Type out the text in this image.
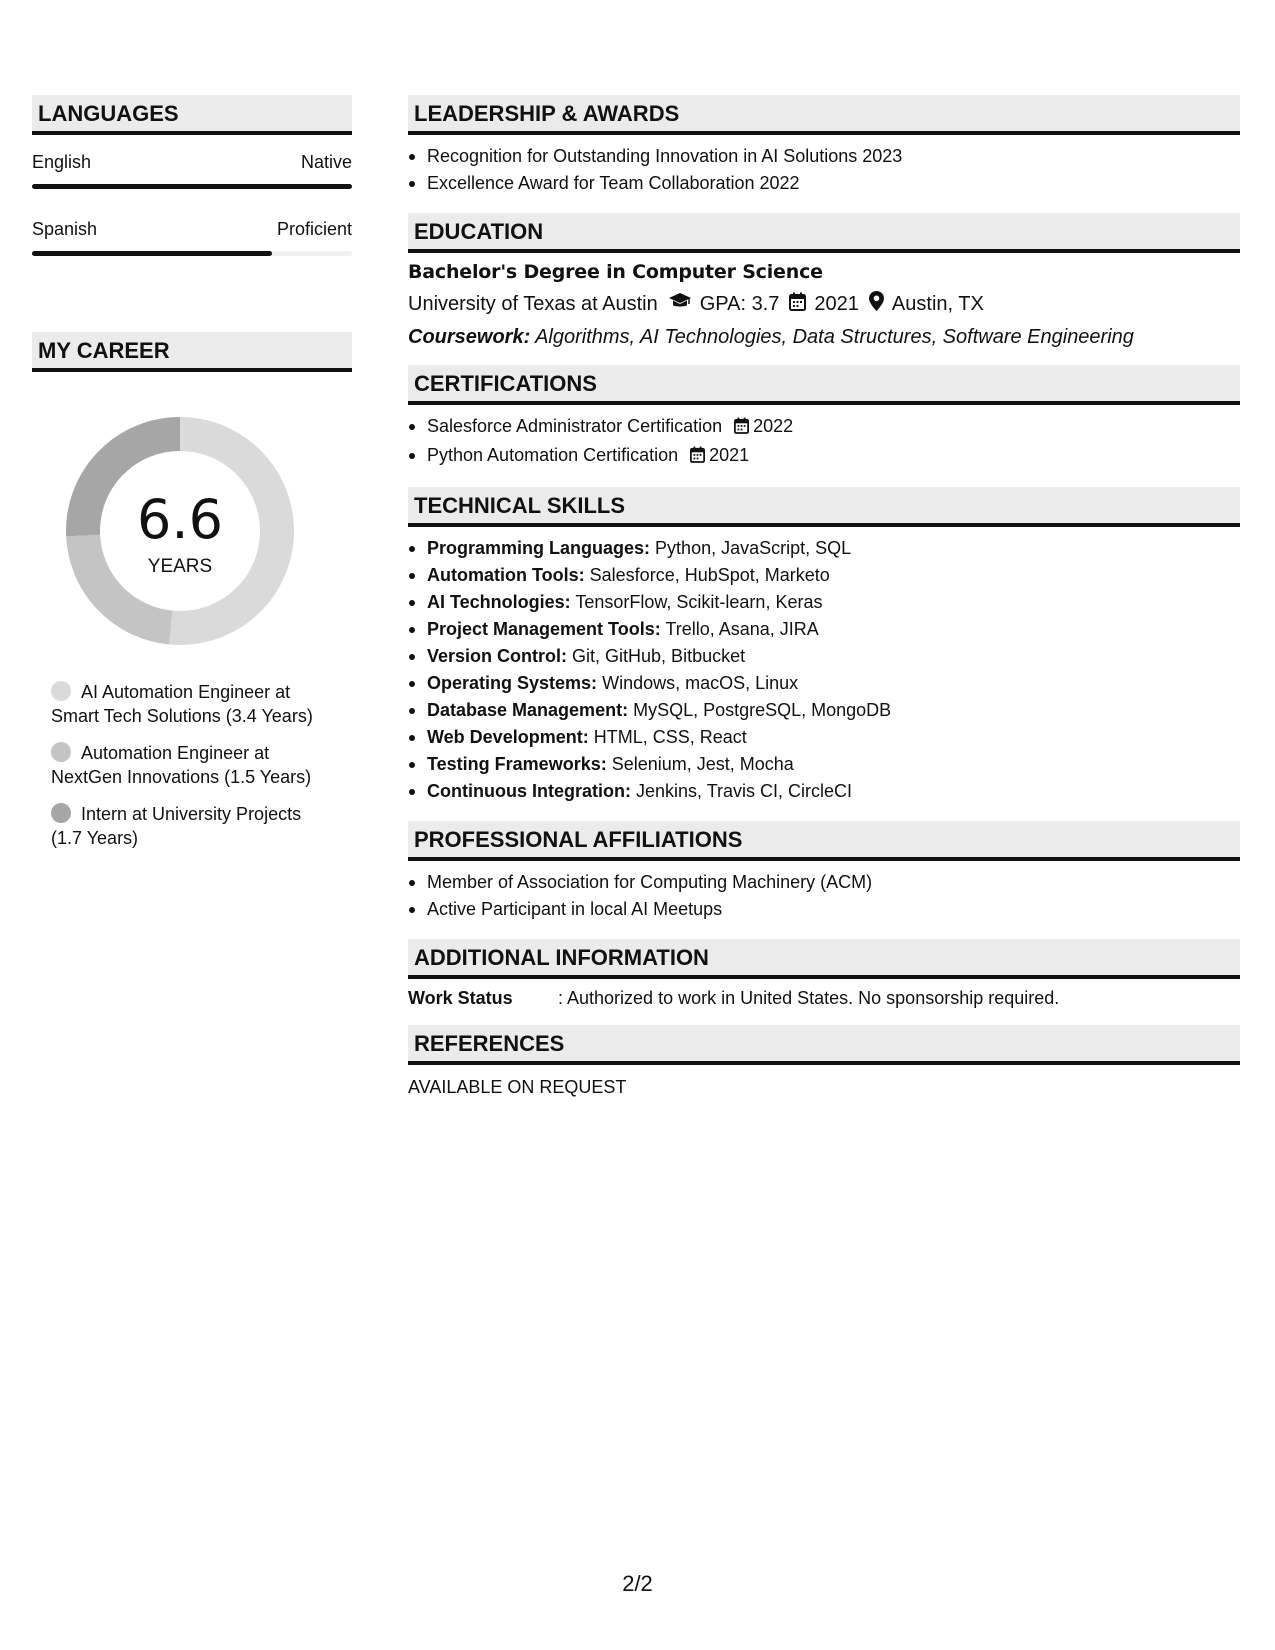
LANGUAGES
English	Native
Spanish	Proficient
MY CAREER
6.6
YEARS
AI Automation Engineer at
Smart Tech Solutions (3.4 Years)
Automation Engineer at
NextGen Innovations (1.5 Years)
Intern at University Projects
(1.7 Years)
LEADERSHIP & AWARDS
Recognition for Outstanding Innovation in AI Solutions 2023
Excellence Award for Team Collaboration 2022
EDUCATION
Bachelor's Degree in Computer Science
University of Texas at Austin GPA: 3.7 2021 Austin, TX
Coursework: Algorithms, AI Technologies, Data Structures, Software Engineering
CERTIFICATIONS
Salesforce Administrator Certification 2022
Python Automation Certification 2021
TECHNICAL SKILLS
Programming Languages: Python, JavaScript, SQL
Automation Tools: Salesforce, HubSpot, Marketo
AI Technologies: TensorFlow, Scikit-learn, Keras
Project Management Tools: Trello, Asana, JIRA
Version Control: Git, GitHub, Bitbucket
Operating Systems: Windows, macOS, Linux
Database Management: MySQL, PostgreSQL, MongoDB
Web Development: HTML, CSS, React
Testing Frameworks: Selenium, Jest, Mocha
Continuous Integration: Jenkins, Travis CI, CircleCI
PROFESSIONAL AFFILIATIONS
Member of Association for Computing Machinery (ACM)
Active Participant in local AI Meetups
ADDITIONAL INFORMATION
Work Status	: Authorized to work in United States. No sponsorship required.
REFERENCES
AVAILABLE ON REQUEST
2/2
